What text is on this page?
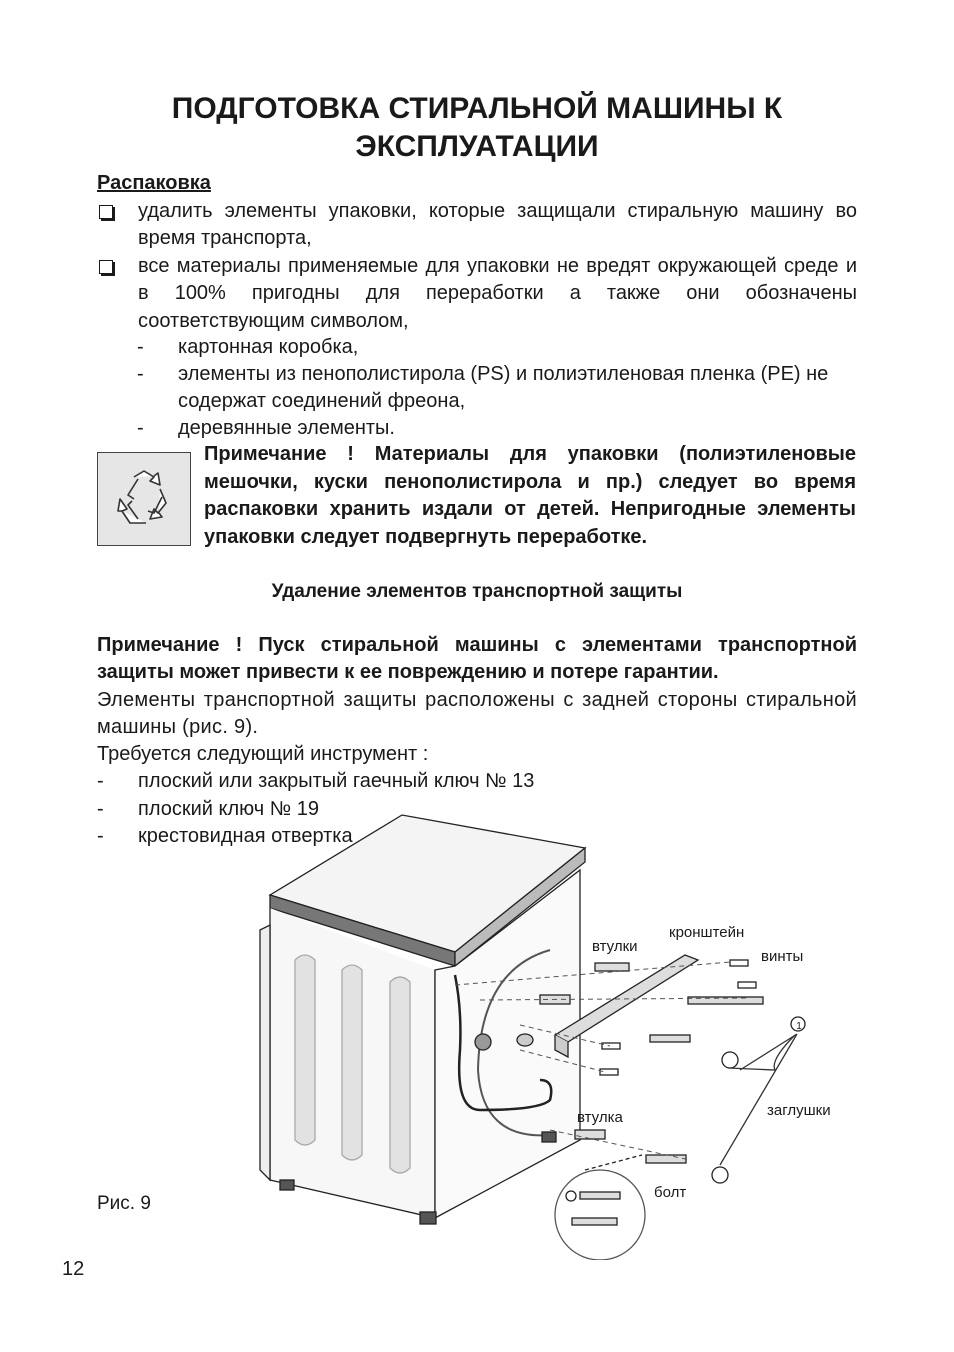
ПОДГОТОВКА СТИРАЛЬНОЙ МАШИНЫ К ЭКСПЛУАТАЦИИ
Распаковка
удалить элементы упаковки, которые защищали стиральную машину во время транспорта,
все материалы применяемые для упаковки не вредят окружающей среде и в 100% пригодны для переработки а также они обозначены соответствующим символом,
-	картонная коробка,
-	элементы из пенополистирола (PS) и полиэтиленовая пленка (PE) не содержат соединений фреона,
-	деревянные элементы.
Примечание ! Материалы для упаковки (полиэтиленовые мешочки, куски пенополистирола и пр.) следует во время распаковки хранить издали от детей. Непригодные элементы упаковки следует подвергнуть переработке.
Удаление элементов транспортной защиты
Примечание ! Пуск стиральной машины с элементами транспортной защиты может привести к ее повреждению и потере гарантии.
Элементы транспортной защиты расположены с задней стороны стиральной машины (рис. 9).
Требуется следующий инструмент :
-	плоский или закрытый гаечный ключ № 13
-	плоский ключ № 19
-	крестовидная отвертка
1
втулки
кронштейн
винты
заглушки
втулка
болт
Рис. 9
12
